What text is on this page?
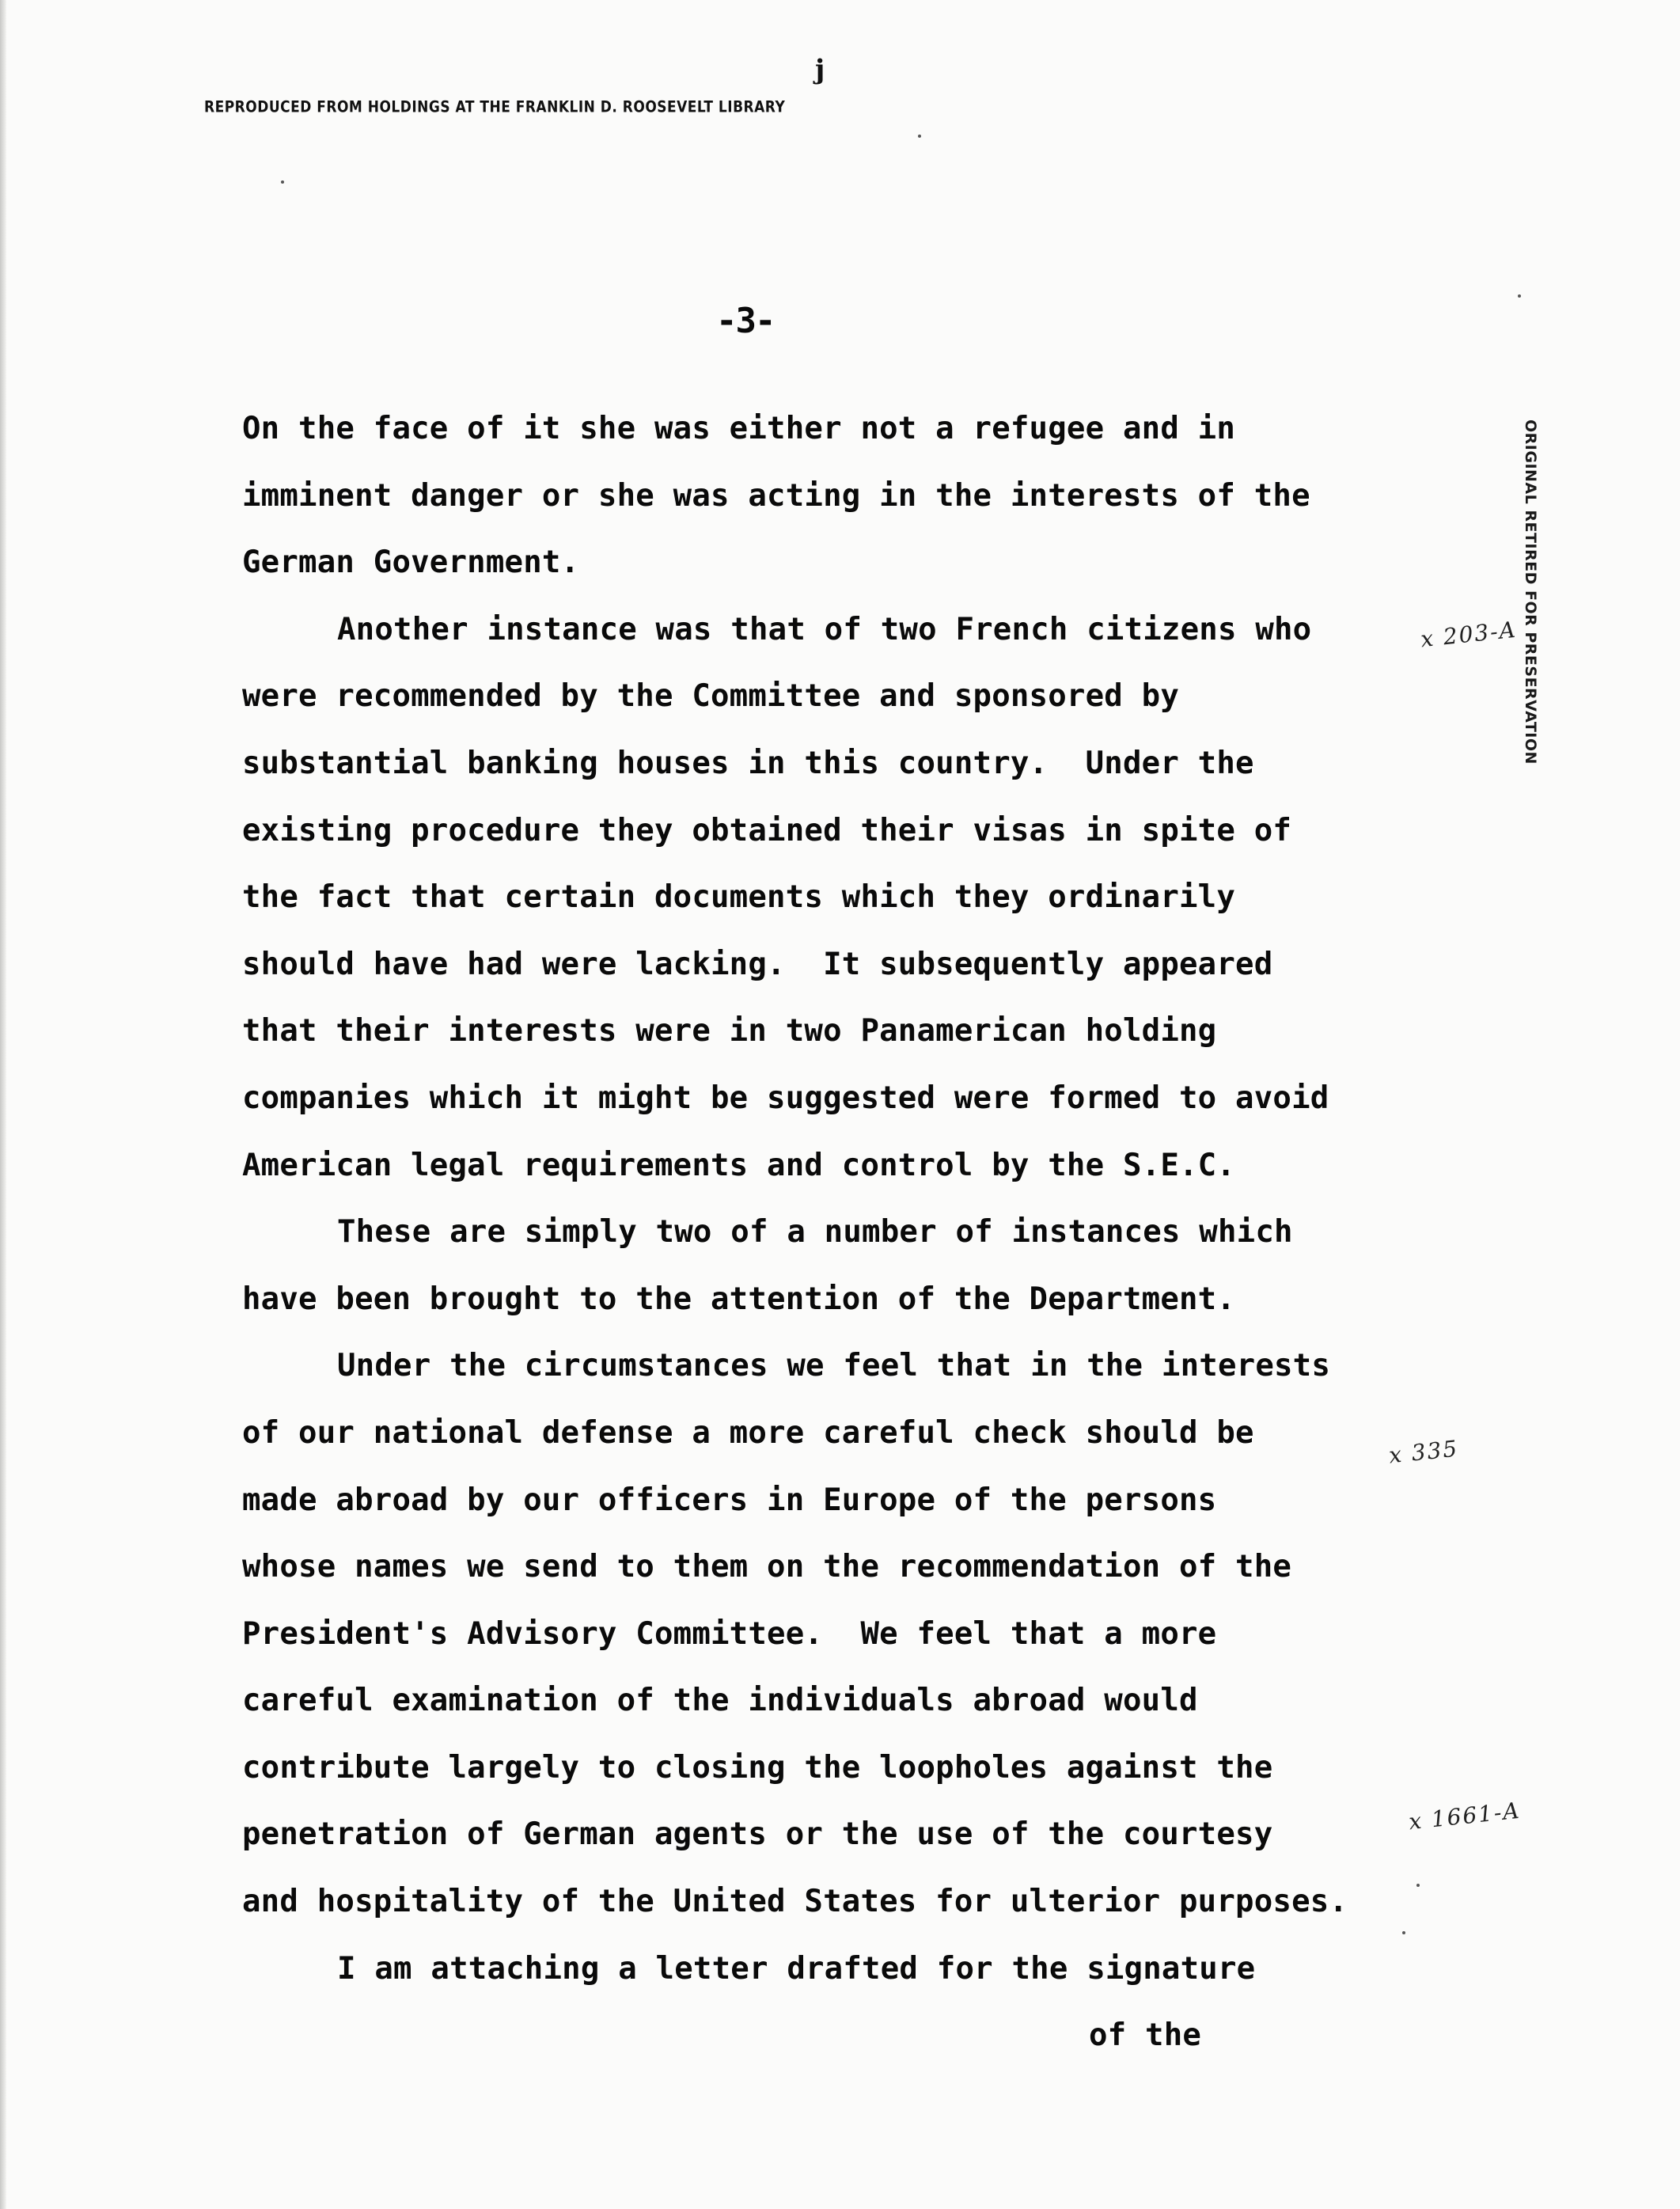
j
REPRODUCED FROM HOLDINGS AT THE FRANKLIN D. ROOSEVELT LIBRARY
-3-
ORIGINAL RETIRED FOR PRESERVATION
x 203-A
x 335
x 1661-A
On the face of it she was either not a refugee and in
imminent danger or she was acting in the interests of the
German Government.
Another instance was that of two French citizens who
were recommended by the Committee and sponsored by
substantial banking houses in this country.  Under the
existing procedure they obtained their visas in spite of
the fact that certain documents which they ordinarily
should have had were lacking.  It subsequently appeared
that their interests were in two Panamerican holding
companies which it might be suggested were formed to avoid
American legal requirements and control by the S.E.C.
These are simply two of a number of instances which
have been brought to the attention of the Department.
Under the circumstances we feel that in the interests
of our national defense a more careful check should be
made abroad by our officers in Europe of the persons
whose names we send to them on the recommendation of the
President's Advisory Committee.  We feel that a more
careful examination of the individuals abroad would
contribute largely to closing the loopholes against the
penetration of German agents or the use of the courtesy
and hospitality of the United States for ulterior purposes.
I am attaching a letter drafted for the signature
of the
